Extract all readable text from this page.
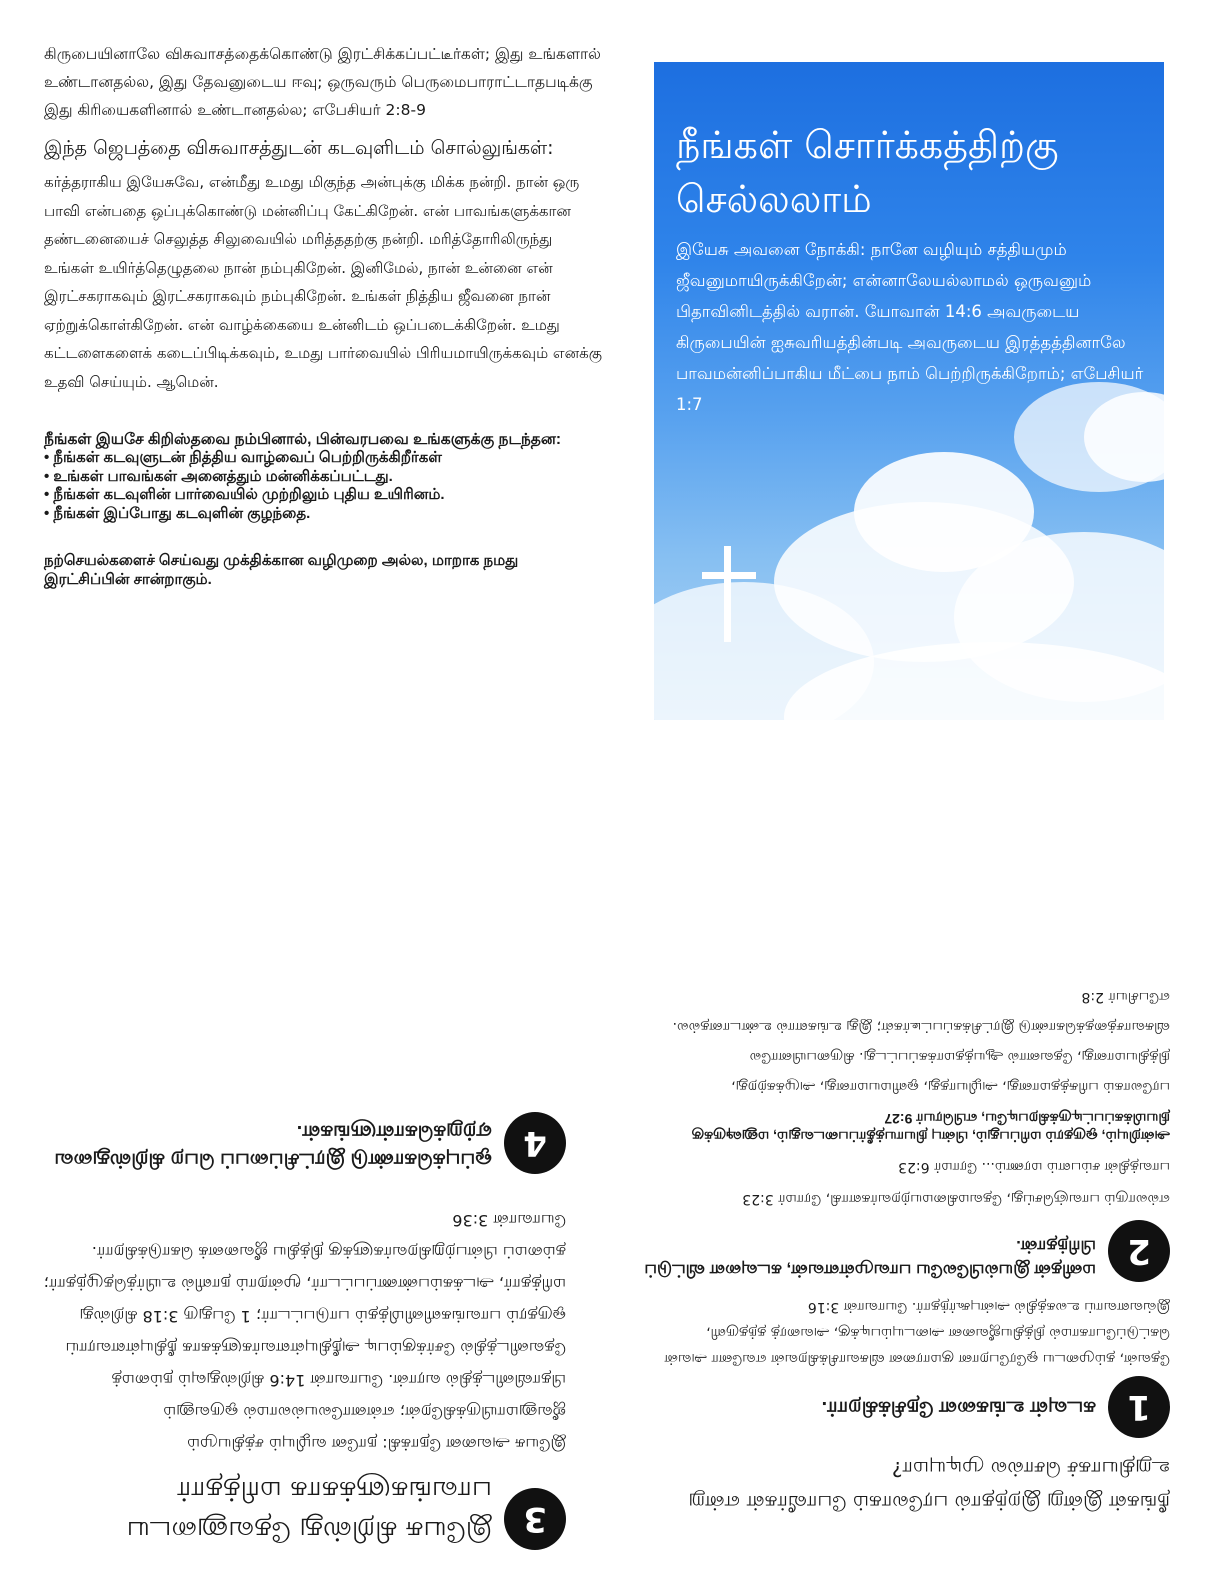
கிருபையினாலே விசுவாசத்தைக்கொண்டு இரட்சிக்கப்பட்டீர்கள்; இது உங்களால் உண்டானதல்ல, இது தேவனுடைய ஈவு; ஒருவரும் பெருமைபாராட்டாதபடிக்கு இது கிரியைகளினால் உண்டானதல்ல; எபேசியர் 2:8-9

இந்த ஜெபத்தை விசுவாசத்துடன் கடவுளிடம் சொல்லுங்கள்:

கர்த்தராகிய இயேசுவே, என்மீது உமது மிகுந்த அன்புக்கு மிக்க நன்றி. நான் ஒரு பாவி என்பதை ஒப்புக்கொண்டு மன்னிப்பு கேட்கிறேன். என் பாவங்களுக்கான தண்டனையைச் செலுத்த சிலுவையில் மரித்ததற்கு நன்றி. மரித்தோரிலிருந்து உங்கள் உயிர்த்தெழுதலை நான் நம்புகிறேன். இனிமேல், நான் உன்னை என் இரட்சகராகவும் இரட்சகராகவும் நம்புகிறேன். உங்கள் நித்திய ஜீவனை நான் ஏற்றுக்கொள்கிறேன். என் வாழ்க்கையை உன்னிடம் ஒப்படைக்கிறேன். உமது கட்டளைகளைக் கடைப்பிடிக்கவும், உமது பார்வையில் பிரியமாயிருக்கவும் எனக்கு உதவி செய்யும். ஆமென்.

நீங்கள் இயசே கிறிஸ்தவை நம்பினால், பின்வரபவை உங்களுக்கு நடந்தன:

• நீங்கள் கடவுளுடன் நித்திய வாழ்வைப் பெற்றிருக்கிறீர்கள்
• உங்கள் பாவங்கள் அனைத்தும் மன்னிக்கப்பட்டது.
• நீங்கள் கடவுளின் பார்வையில் முற்றிலும் புதிய உயிரினம்.
• நீங்கள் இப்போது கடவுளின் குழந்தை.

நற்செயல்களைச் செய்வது முக்திக்கான வழிமுறை அல்ல, மாறாக நமது இரட்சிப்பின் சான்றாகும்.

நீங்கள் சொர்க்கத்திற்கு செல்லலாம்

இயேசு அவனை நோக்கி: நானே வழியும் சத்தியமும் ஜீவனுமாயிருக்கிறேன்; என்னாலேயல்லாமல் ஒருவனும் பிதாவினிடத்தில் வரான். யோவான் 14:6 அவருடைய கிருபையின் ஐசுவரியத்தின்படி அவருடைய இரத்தத்தினாலே பாவமன்னிப்பாகிய மீட்பை நாம் பெற்றிருக்கிறோம்; எபேசியர் 1:7

3

இயேசு கிறிஸ்து தேவனுடைய பாவங்களுக்காக மரித்தார்

இயேசு அவனை நோக்கி: நானே வழியும் சத்தியமும் ஜீவனுமாயிருக்கிறேன்; என்னாலேயல்லாமல் ஒருவனும் பிதாவினிடத்தில் வரான். யோவான் 14:6 கிறிஸ்துவும் நம்மைத் தேவனிடத்தில் சேர்க்கும்படி அநீதியுள்ளவர்களுக்காக நீதியுள்ளவராய் ஒருதரம் பாவங்களினிமித்தம் பாடுபட்டார்; 1 பேதுரு 3:18 கிறிஸ்து மரித்தார், அடக்கம்பண்ணப்பட்டார், மூன்றாம் நாளில் உயிர்த்தெழுந்தார்; தம்மைப் பின்பற்றுகிறவர்களுக்கு நித்திய ஜீவனைக் கொடுக்கிறார். யோவான் 3:36

4

ஒப்புக்கொண்டு இரட்சிப்பைப் பெற கிறிஸ்துவை ஏற்றுக்கொள்ளுங்கள்.

நீங்கள் இன்று இறந்தால் பரலோகம் போவீர்கள் என்று உறுதியாகச் சொல்ல முடியுமா?

1

கடவுள் உங்களை நேசிக்கிறார்.

தேவன், தம்முடைய ஒரேபேறான குமாரனை விசுவாசிக்கிறவன் எவனோ அவன் கெட்டுப்போகாமல் நித்தியஜீவனை அடையும்படிக்கு, அவரைத் தந்தருளி, இவ்வளவாய் உலகத்தில் அன்புகூர்ந்தார். யோவான் 3:16

2

மனிதன் இயல்பிலேயே பாவமுள்ளவன், கடவுளை விட்டுப் பிரிந்தான்.

எல்லாரும் பாவஞ்செய்து, தேவமகிமையற்றவர்களாகி, ரோமர் 3:23

பாவத்தின் சம்பளம் மரணம்... ரோமர் 6:23

அன்றியும், ஒருதரம் மரிப்பதும், பின்பு நியாயத்தீர்ப்படைவதும், மனுஷருக்கு நியமிக்கப்பட்டிருக்கிறபடியே, எபிரெயர் 9:27

பரலோகம் பரிசுத்தமானது, அழியாதது, ஒளிமயமானது, அழுக்கற்றது, நித்தியமானது, தேவனால் ஆயத்தமாக்கப்பட்டது. கிருபையினாலே விசுவாசத்தைக்கொண்டு இரட்சிக்கப்பட்டீர்கள்; இது உங்களால் உண்டானதல்ல. எபேசியர் 2:8
